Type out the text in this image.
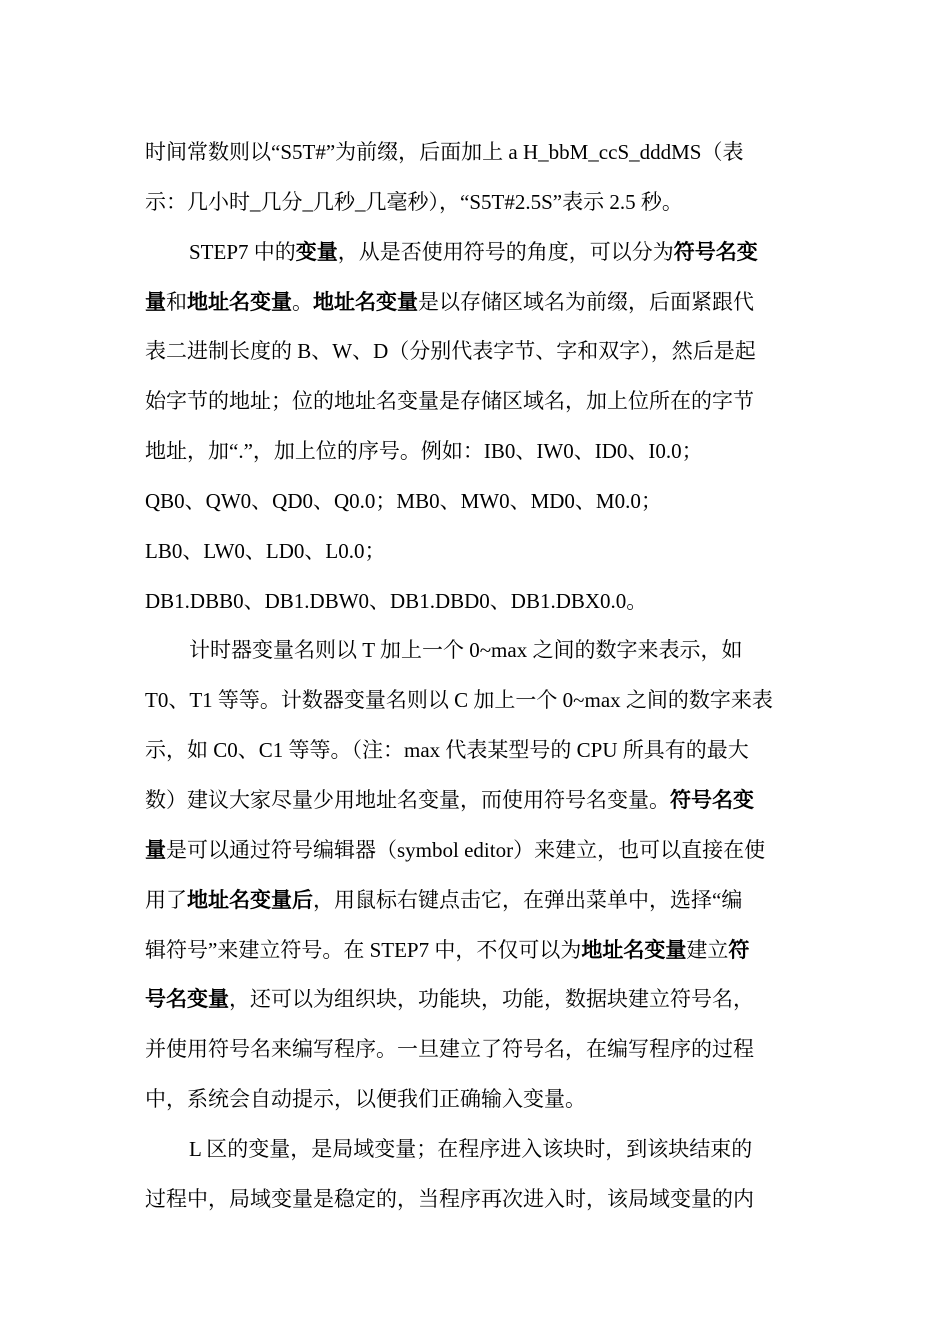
时间常数则以“S5T#”为前缀，后面加上 a H_bbM_ccS_dddMS（表
示：几小时_几分_几秒_几毫秒），“S5T#2.5S”表示 2.5 秒。
STEP7 中的变量，从是否使用符号的角度，可以分为符号名变
量和地址名变量。地址名变量是以存储区域名为前缀，后面紧跟代
表二进制长度的 B、W、D（分别代表字节、字和双字），然后是起
始字节的地址；位的地址名变量是存储区域名，加上位所在的字节
地址，加“.”，加上位的序号。例如：IB0、IW0、ID0、I0.0；
QB0、QW0、QD0、Q0.0；MB0、MW0、MD0、M0.0；
LB0、LW0、LD0、L0.0；
DB1.DBB0、DB1.DBW0、DB1.DBD0、DB1.DBX0.0。
计时器变量名则以 T 加上一个 0~max 之间的数字来表示，如
T0、T1 等等。计数器变量名则以 C 加上一个 0~max 之间的数字来表
示，如 C0、C1 等等。（注：max 代表某型号的 CPU 所具有的最大
数）建议大家尽量少用地址名变量，而使用符号名变量。符号名变
量是可以通过符号编辑器（symbol editor）来建立，也可以直接在使
用了地址名变量后，用鼠标右键点击它，在弹出菜单中，选择“编
辑符号”来建立符号。在 STEP7 中，不仅可以为地址名变量建立符
号名变量，还可以为组织块，功能块，功能，数据块建立符号名，
并使用符号名来编写程序。一旦建立了符号名，在编写程序的过程
中，系统会自动提示，以便我们正确输入变量。
L 区的变量，是局域变量；在程序进入该块时，到该块结束的
过程中，局域变量是稳定的，当程序再次进入时，该局域变量的内
